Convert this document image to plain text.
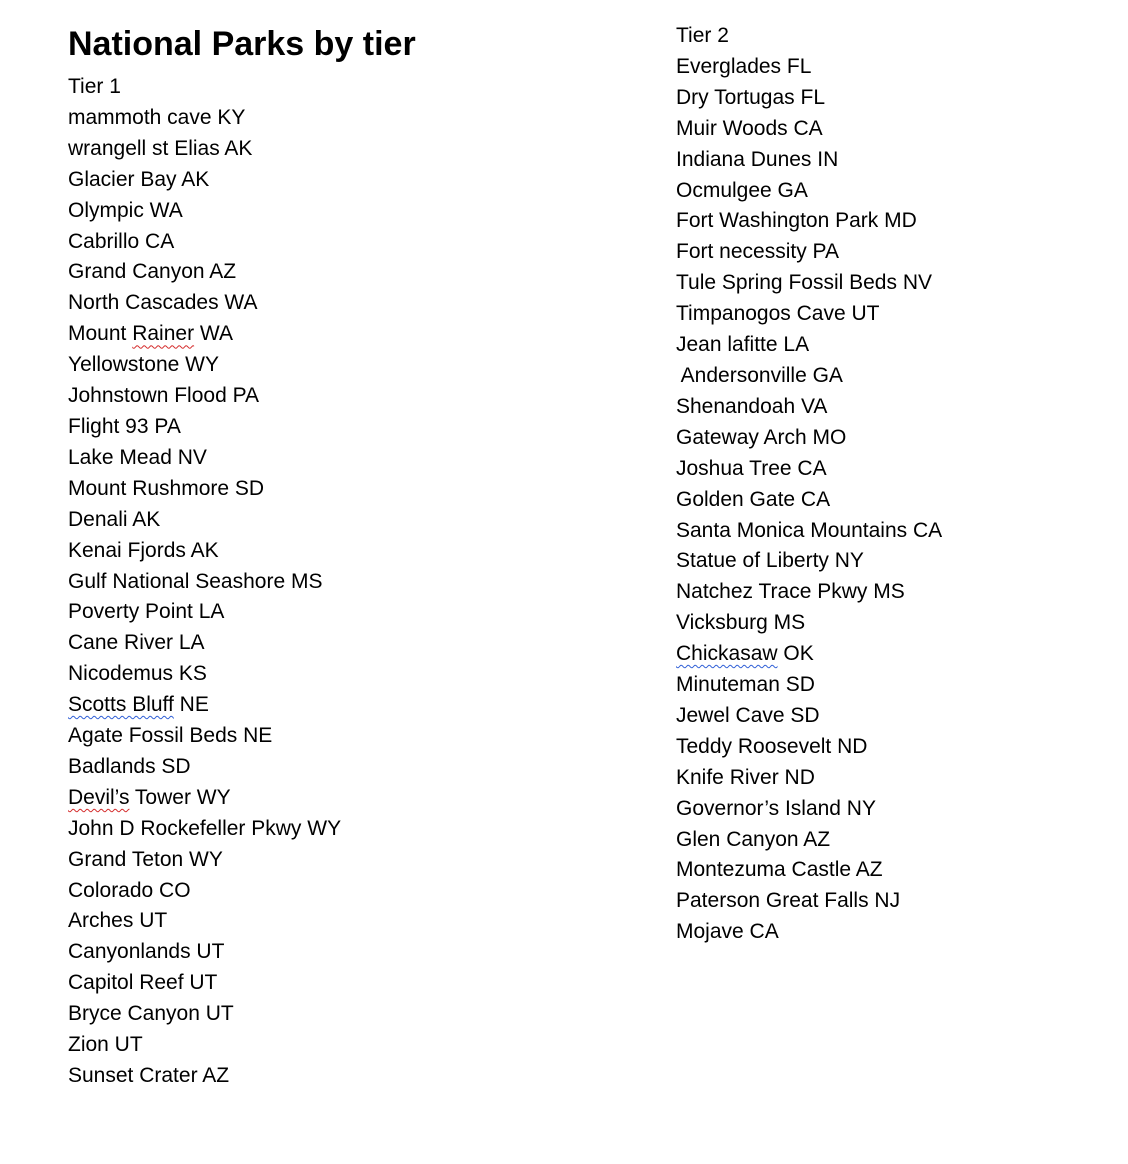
National Parks by tier
Tier 1
mammoth cave KY
wrangell st Elias AK
Glacier Bay AK
Olympic WA
Cabrillo CA
Grand Canyon AZ
North Cascades WA
Mount Rainer WA
Yellowstone WY
Johnstown Flood PA
Flight 93 PA
Lake Mead NV
Mount Rushmore SD
Denali AK
Kenai Fjords AK
Gulf National Seashore MS
Poverty Point LA
Cane River LA
Nicodemus KS
Scotts Bluff NE
Agate Fossil Beds NE
Badlands SD
Devil’s Tower WY
John D Rockefeller Pkwy WY
Grand Teton WY
Colorado CO
Arches UT
Canyonlands UT
Capitol Reef UT
Bryce Canyon UT
Zion UT
Sunset Crater AZ
Tier 2
Everglades FL
Dry Tortugas FL
Muir Woods CA
Indiana Dunes IN
Ocmulgee GA
Fort Washington Park MD
Fort necessity PA
Tule Spring Fossil Beds NV
Timpanogos Cave UT
Jean lafitte LA
Andersonville GA
Shenandoah VA
Gateway Arch MO
Joshua Tree CA
Golden Gate CA
Santa Monica Mountains CA
Statue of Liberty NY
Natchez Trace Pkwy MS
Vicksburg MS
Chickasaw OK
Minuteman SD
Jewel Cave SD
Teddy Roosevelt ND
Knife River ND
Governor’s Island NY
Glen Canyon AZ
Montezuma Castle AZ
Paterson Great Falls NJ
Mojave CA
